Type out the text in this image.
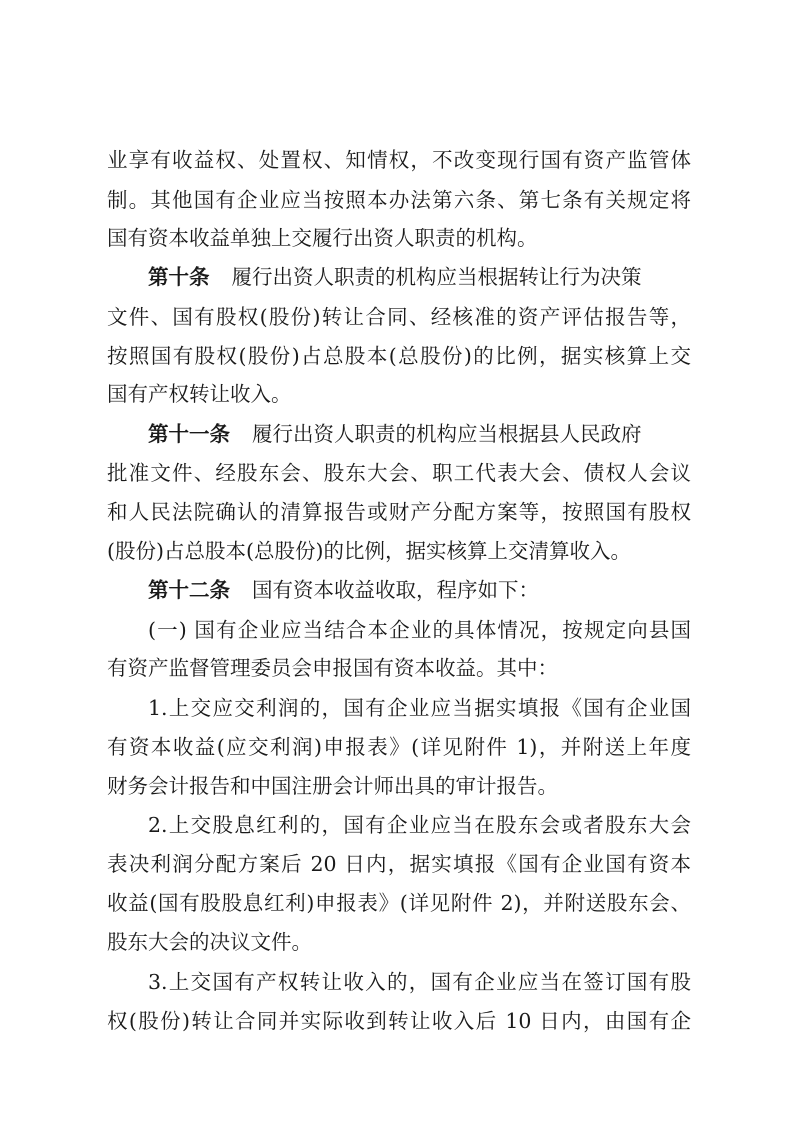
业享有收益权、处置权、知情权，不改变现行国有资产监管体
制。其他国有企业应当按照本办法第六条、第七条有关规定将
国有资本收益单独上交履行出资人职责的机构。
第十条 履行出资人职责的机构应当根据转让行为决策
文件、国有股权(股份)转让合同、经核准的资产评估报告等，
按照国有股权(股份)占总股本(总股份)的比例，据实核算上交
国有产权转让收入。
第十一条 履行出资人职责的机构应当根据县人民政府
批准文件、经股东会、股东大会、职工代表大会、债权人会议
和人民法院确认的清算报告或财产分配方案等，按照国有股权
(股份)占总股本(总股份)的比例，据实核算上交清算收入。
第十二条 国有资本收益收取，程序如下：
(一) 国有企业应当结合本企业的具体情况，按规定向县国
有资产监督管理委员会申报国有资本收益。其中：
1.上交应交利润的，国有企业应当据实填报《国有企业国
有资本收益(应交利润)申报表》(详见附件 1)，并附送上年度
财务会计报告和中国注册会计师出具的审计报告。
2.上交股息红利的，国有企业应当在股东会或者股东大会
表决利润分配方案后 20 日内，据实填报《国有企业国有资本
收益(国有股股息红利)申报表》(详见附件 2)，并附送股东会、
股东大会的决议文件。
3.上交国有产权转让收入的，国有企业应当在签订国有股
权(股份)转让合同并实际收到转让收入后 10 日内，由国有企
